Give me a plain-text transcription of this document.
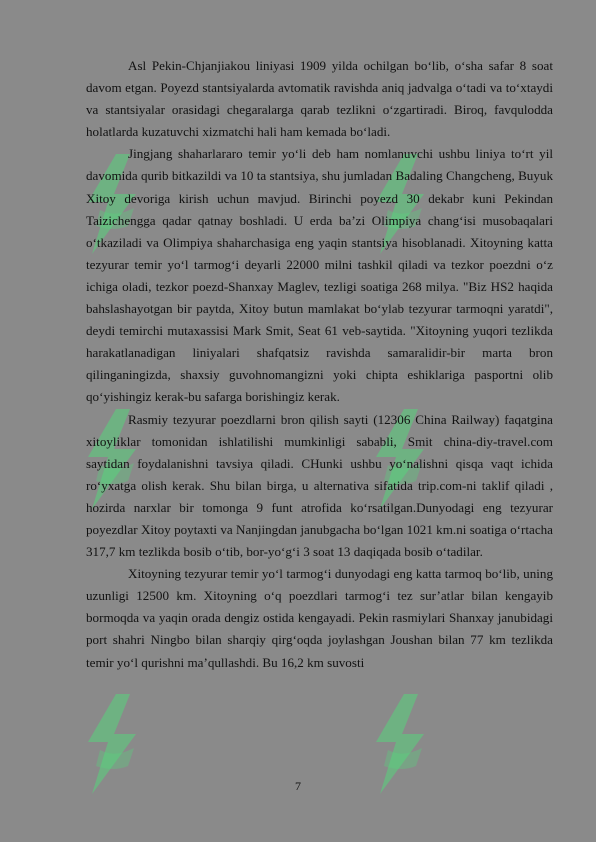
Asl Pekin-Chjanjiakou liniyasi 1909 yilda ochilgan bo‘lib, o‘sha safar 8 soat davom etgan. Poyezd stantsiyalarda avtomatik ravishda aniq jadvalga o‘tadi va to‘xtaydi va stantsiyalar orasidagi chegaralarga qarab tezlikni o‘zgartiradi. Biroq, favqulodda holatlarda kuzatuvchi xizmatchi hali ham kemada bo‘ladi.

Jingjang shaharlararo temir yo‘li deb ham nomlanuvchi ushbu liniya to‘rt yil davomida qurib bitkazildi va 10 ta stantsiya, shu jumladan Badaling Changcheng, Buyuk Xitoy devoriga kirish uchun mavjud. Birinchi poyezd 30 dekabr kuni Pekindan Taizichengga qadar qatnay boshladi. U erda ba’zi Olimpiya chang‘isi musobaqalari o‘tkaziladi va Olimpiya shaharchasiga eng yaqin stantsiya hisoblanadi. Xitoyning katta tezyurar temir yo‘l tarmog‘i deyarli 22000 milni tashkil qiladi va tezkor poezdni o‘z ichiga oladi, tezkor poezd-Shanxay Maglev, tezligi soatiga 268 milya. "Biz HS2 haqida bahslashayotgan bir paytda, Xitoy butun mamlakat bo‘ylab tezyurar tarmoqni yaratdi", deydi temirchi mutaxassisi Mark Smit, Seat 61 veb-saytida. "Xitoyning yuqori tezlikda harakatlanadigan liniyalari shafqatsiz ravishda samaralidir-bir marta bron qilinganingizda, shaxsiy guvohnomangizni yoki chipta eshiklariga pasportni olib qo‘yishingiz kerak-bu safarga borishingiz kerak.

Rasmiy tezyurar poezdlarni bron qilish sayti (12306 China Railway) faqatgina xitoyliklar tomonidan ishlatilishi mumkinligi sababli, Smit china-diy-travel.com saytidan foydalanishni tavsiya qiladi. CHunki ushbu yo‘nalishni qisqa vaqt ichida ro‘yxatga olish kerak. Shu bilan birga, u alternativa sifatida trip.com-ni taklif qiladi , hozirda narxlar bir tomonga 9 funt atrofida ko‘rsatilgan.Dunyodagi eng tezyurar poyezdlar Xitoy poytaxti va Nanjingdan janubgacha bo‘lgan 1021 km.ni soatiga o‘rtacha 317,7 km tezlikda bosib o‘tib, bor-yo‘g‘i 3 soat 13 daqiqada bosib o‘tadilar.

Xitoyning tezyurar temir yo‘l tarmog‘i dunyodagi eng katta tarmoq bo‘lib, uning uzunligi 12500 km. Xitoyning o‘q poezdlari tarmog‘i tez sur’atlar bilan kengayib bormoqda va yaqin orada dengiz ostida kengayadi. Pekin rasmiylari Shanxay janubidagi port shahri Ningbo bilan sharqiy qirg‘oqda joylashgan Joushan bilan 77 km tezlikda temir yo‘l qurishni ma’qullashdi. Bu 16,2 km suvosti

7
